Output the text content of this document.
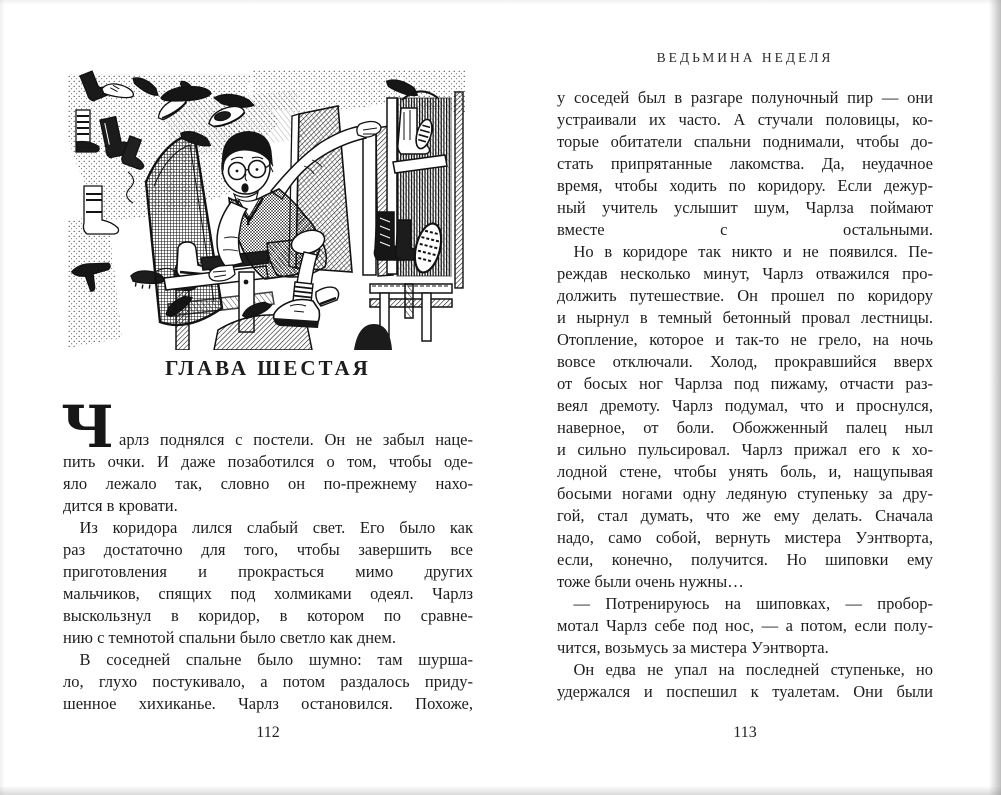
ГЛАВА ШЕСТАЯ
Ч арлз поднялся с постели. Он не забыл наце-
пить очки. И даже позаботился о том, чтобы оде-
яло лежало так, словно он по-прежнему нахо-
дится в кровати.
 Из коридора лился слабый свет. Его было как
раз достаточно для того, чтобы завершить все
приготовления и прокрасться мимо других
мальчиков, спящих под холмиками одеял. Чарлз
выскользнул в коридор, в котором по сравне-
нию с темнотой спальни было светло как днем.
 В соседней спальне было шумно: там шурша-
ло, глухо постукивало, а потом раздалось приду-
шенное хихиканье. Чарлз остановился. Похоже,
112
ВЕДЬМИНА НЕДЕЛЯ
у соседей был в разгаре полуночный пир — они
устраивали их часто. А стучали половицы, ко-
торые обитатели спальни поднимали, чтобы до-
стать припрятанные лакомства. Да, неудачное
время, чтобы ходить по коридору. Если дежур-
ный учитель услышит шум, Чарлза поймают
вместе с остальными.
 Но в коридоре так никто и не появился. Пе-
реждав несколько минут, Чарлз отважился про-
должить путешествие. Он прошел по коридору
и нырнул в темный бетонный провал лестницы.
Отопление, которое и так-то не грело, на ночь
вовсе отключали. Холод, прокравшийся вверх
от босых ног Чарлза под пижаму, отчасти раз-
веял дремоту. Чарлз подумал, что и проснулся,
наверное, от боли. Обожженный палец ныл
и сильно пульсировал. Чарлз прижал его к хо-
лодной стене, чтобы унять боль, и, нащупывая
босыми ногами одну ледяную ступеньку за дру-
гой, стал думать, что же ему делать. Сначала
надо, само собой, вернуть мистера Уэнтворта,
если, конечно, получится. Но шиповки ему
тоже были очень нужны…
 — Потренируюсь на шиповках, — пробор-
мотал Чарлз себе под нос, — а потом, если полу-
чится, возьмусь за мистера Уэнтворта.
 Он едва не упал на последней ступеньке, но
удержался и поспешил к туалетам. Они были
113
